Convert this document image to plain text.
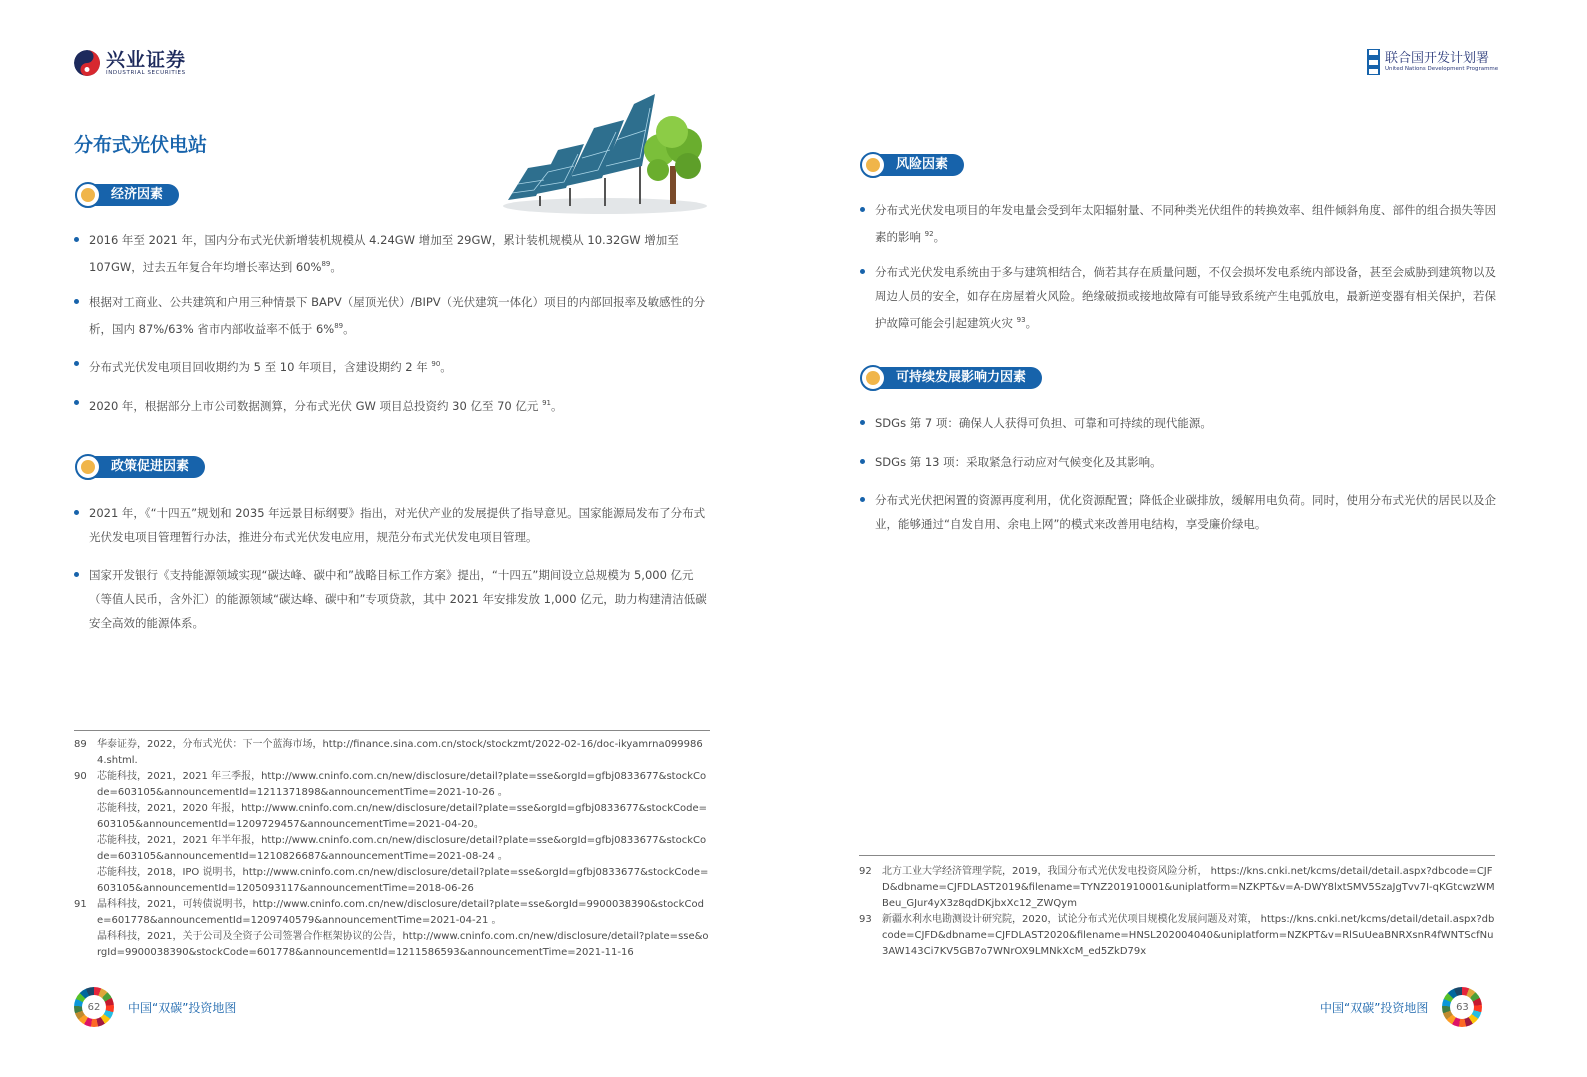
兴业证券
INDUSTRIAL SECURITIES
联合国开发计划署
United Nations Development Programme
分布式光伏电站
经济因素
2016 年至 2021 年，国内分布式光伏新增装机规模从 4.24GW 增加至 29GW，累计装机规模从 10.32GW 增加至 107GW，过去五年复合年均增长率达到 60%$^{89}$。
根据对工商业、公共建筑和户用三种情景下 BAPV（屋顶光伏）/BIPV（光伏建筑一体化）项目的内部回报率及敏感性的分析，国内 87%/63% 省市内部收益率不低于 6%$^{89}$。
分布式光伏发电项目回收期约为 5 至 10 年项目，含建设期约 2 年 $^{90}$。
2020 年，根据部分上市公司数据测算，分布式光伏 GW 项目总投资约 30 亿至 70 亿元 $^{91}$。
政策促进因素
2021 年，《“十四五”规划和 2035 年远景目标纲要》指出，对光伏产业的发展提供了指导意见。国家能源局发布了分布式光伏发电项目管理暂行办法，推进分布式光伏发电应用，规范分布式光伏发电项目管理。
国家开发银行《支持能源领域实现“碳达峰、碳中和”战略目标工作方案》提出，“十四五”期间设立总规模为 5,000 亿元（等值人民币，含外汇）的能源领域“碳达峰、碳中和”专项贷款，其中 2021 年安排发放 1,000 亿元，助力构建清洁低碳安全高效的能源体系。
89 华泰证券，2022，分布式光伏：下一个蓝海市场，http://finance.sina.com.cn/stock/stockzmt/2022-02-16/doc-ikyamrna0999864.shtml.
90 芯能科技，2021，2021 年三季报，http://www.cninfo.com.cn/new/disclosure/detail?plate=sse&orgId=gfbj0833677&stockCode=603105&announcementId=1211371898&announcementTime=2021-10-26 。
芯能科技，2021，2020 年报，http://www.cninfo.com.cn/new/disclosure/detail?plate=sse&orgId=gfbj0833677&stockCode=603105&announcementId=1209729457&announcementTime=2021-04-20。
芯能科技，2021，2021 年半年报，http://www.cninfo.com.cn/new/disclosure/detail?plate=sse&orgId=gfbj0833677&stockCode=603105&announcementId=1210826687&announcementTime=2021-08-24 。
芯能科技，2018，IPO 说明书，http://www.cninfo.com.cn/new/disclosure/detail?plate=sse&orgId=gfbj0833677&stockCode=603105&announcementId=1205093117&announcementTime=2018-06-26
91 晶科科技，2021，可转债说明书，http://www.cninfo.com.cn/new/disclosure/detail?plate=sse&orgId=9900038390&stockCode=601778&announcementId=1209740579&announcementTime=2021-04-21 。
晶科科技，2021，关于公司及全资子公司签署合作框架协议的公告，http://www.cninfo.com.cn/new/disclosure/detail?plate=sse&orgId=9900038390&stockCode=601778&announcementId=1211586593&announcementTime=2021-11-16
62	中国“双碳”投资地图
风险因素
分布式光伏发电项目的年发电量会受到年太阳辐射量、不同种类光伏组件的转换效率、组件倾斜角度、部件的组合损失等因素的影响 $^{92}$。
分布式光伏发电系统由于多与建筑相结合，倘若其存在质量问题，不仅会损坏发电系统内部设备，甚至会威胁到建筑物以及周边人员的安全，如存在房屋着火风险。绝缘破损或接地故障有可能导致系统产生电弧放电，最新逆变器有相关保护，若保护故障可能会引起建筑火灾 $^{93}$。
可持续发展影响力因素
SDGs 第 7 项：确保人人获得可负担、可靠和可持续的现代能源。
SDGs 第 13 项：采取紧急行动应对气候变化及其影响。
分布式光伏把闲置的资源再度利用，优化资源配置；降低企业碳排放，缓解用电负荷。同时，使用分布式光伏的居民以及企业，能够通过“自发自用、余电上网”的模式来改善用电结构，享受廉价绿电。
92 北方工业大学经济管理学院，2019，我国分布式光伏发电投资风险分析， https://kns.cnki.net/kcms/detail/detail.aspx?dbcode=CJFD&dbname=CJFDLAST2019&filename=TYNZ201910001&uniplatform=NZKPT&v=A-DWY8lxtSMV5SzaJgTvv7I-qKGtcwzWMBeu_GJur4yX3z8qdDKjbxXc12_ZWQym
93 新疆水利水电勘测设计研究院，2020，试论分布式光伏项目规模化发展问题及对策， https://kns.cnki.net/kcms/detail/detail.aspx?dbcode=CJFD&dbname=CJFDLAST2020&filename=HNSL202004040&uniplatform=NZKPT&v=RlSuUeaBNRXsnR4fWNTScfNu3AW143Ci7KV5GB7o7WNrOX9LMNkXcM_ed5ZkD79x
中国“双碳”投资地图	63
